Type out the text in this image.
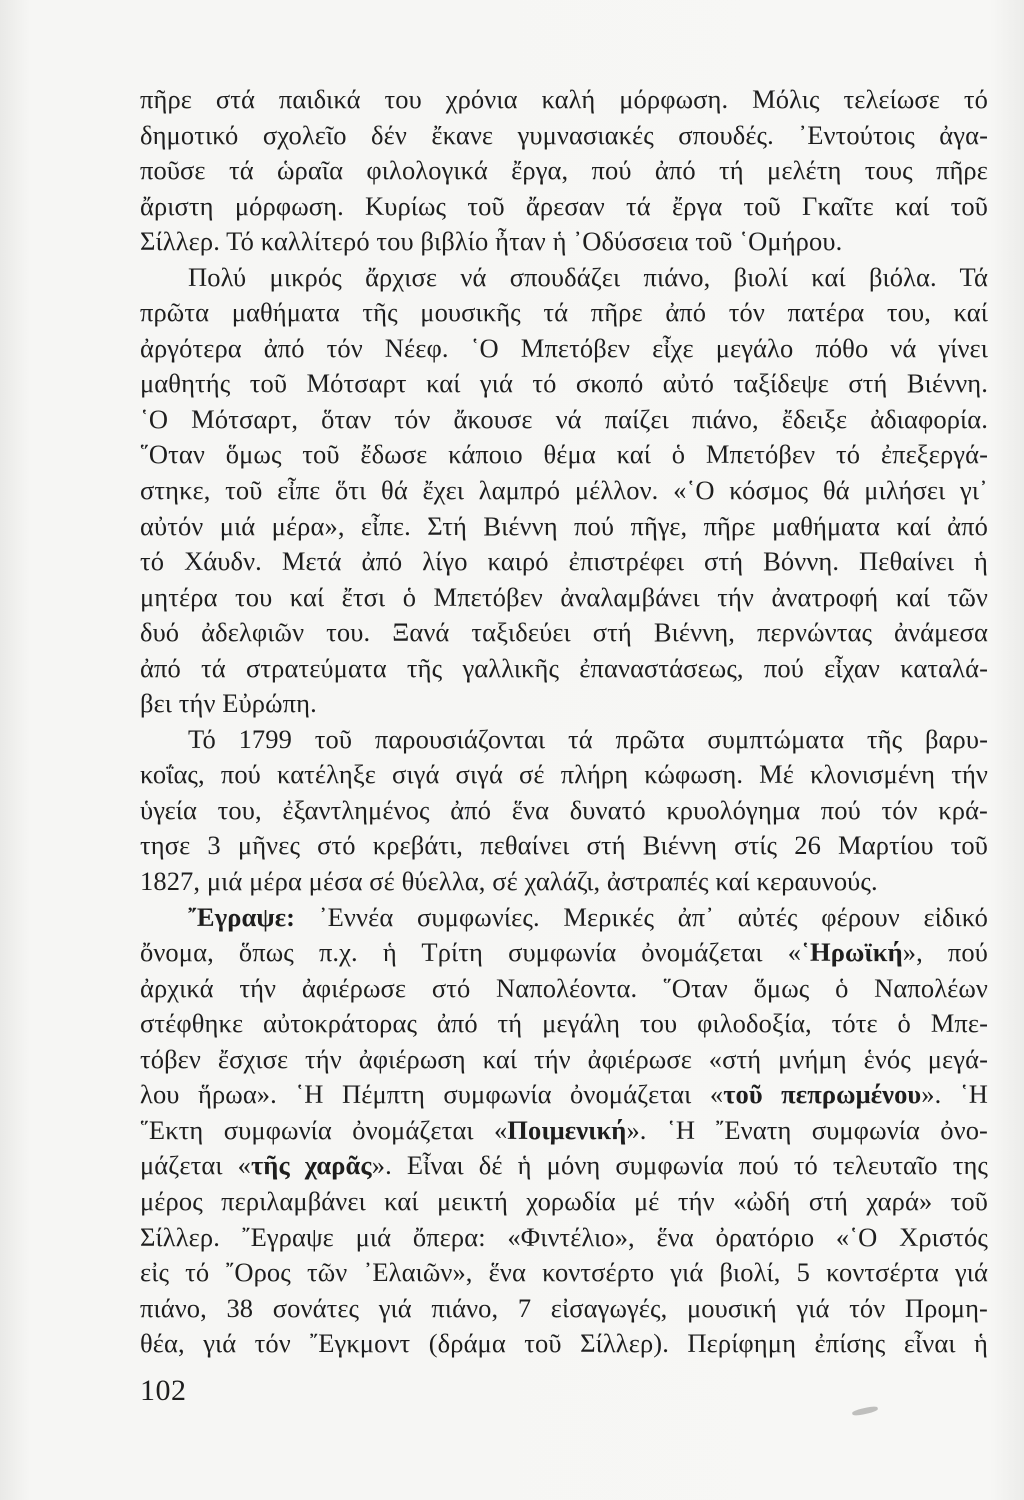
πῆρε στά παιδικά του χρόνια καλή μόρφωση. Μόλις τελείωσε τό
δημοτικό σχολεῖο δέν ἔκανε γυμνασιακές σπουδές. ᾿Εντούτοις ἀγα-
ποῦσε τά ὡραῖα φιλολογικά ἔργα, πού ἀπό τή μελέτη τους πῆρε
ἄριστη μόρφωση. Κυρίως τοῦ ἄρεσαν τά ἔργα τοῦ Γκαῖτε καί τοῦ
Σίλλερ. Τό καλλίτερό του βιβλίο ἦταν ἡ ᾿Οδύσσεια τοῦ ῾Ομήρου.
Πολύ μικρός ἄρχισε νά σπουδάζει πιάνο, βιολί καί βιόλα. Τά
πρῶτα μαθήματα τῆς μουσικῆς τά πῆρε ἀπό τόν πατέρα του, καί
ἀργότερα ἀπό τόν Νέεφ. ῾Ο Μπετόβεν εἶχε μεγάλο πόθο νά γίνει
μαθητής τοῦ Μότσαρτ καί γιά τό σκοπό αὐτό ταξίδεψε στή Βιέννη.
῾Ο Μότσαρτ, ὅταν τόν ἄκουσε νά παίζει πιάνο, ἔδειξε ἀδιαφορία.
῞Οταν ὅμως τοῦ ἔδωσε κάποιο θέμα καί ὁ Μπετόβεν τό ἐπεξεργά-
στηκε, τοῦ εἶπε ὅτι θά ἔχει λαμπρό μέλλον. «῾Ο κόσμος θά μιλήσει γι᾿
αὐτόν μιά μέρα», εἶπε. Στή Βιέννη πού πῆγε, πῆρε μαθήματα καί ἀπό
τό Χάυδν. Μετά ἀπό λίγο καιρό ἐπιστρέφει στή Βόννη. Πεθαίνει ἡ
μητέρα του καί ἔτσι ὁ Μπετόβεν ἀναλαμβάνει τήν ἀνατροφή καί τῶν
δυό ἀδελφιῶν του. Ξανά ταξιδεύει στή Βιέννη, περνώντας ἀνάμεσα
ἀπό τά στρατεύματα τῆς γαλλικῆς ἐπαναστάσεως, πού εἶχαν καταλά-
βει τήν Εὐρώπη.
Τό 1799 τοῦ παρουσιάζονται τά πρῶτα συμπτώματα τῆς βαρυ-
κοΐας, πού κατέληξε σιγά σιγά σέ πλήρη κώφωση. Μέ κλονισμένη τήν
ὑγεία του, ἐξαντλημένος ἀπό ἕνα δυνατό κρυολόγημα πού τόν κρά-
τησε 3 μῆνες στό κρεβάτι, πεθαίνει στή Βιέννη στίς 26 Μαρτίου τοῦ
1827, μιά μέρα μέσα σέ θύελλα, σέ χαλάζι, ἀστραπές καί κεραυνούς.
῎Εγραψε: ᾿Εννέα συμφωνίες. Μερικές ἀπ᾿ αὐτές φέρουν εἰδικό
ὄνομα, ὅπως π.χ. ἡ Τρίτη συμφωνία ὀνομάζεται «῾Ηρωϊκή», πού
ἀρχικά τήν ἀφιέρωσε στό Ναπολέοντα. ῞Οταν ὅμως ὁ Ναπολέων
στέφθηκε αὐτοκράτορας ἀπό τή μεγάλη του φιλοδοξία, τότε ὁ Μπε-
τόβεν ἔσχισε τήν ἀφιέρωση καί τήν ἀφιέρωσε «στή μνήμη ἑνός μεγά-
λου ἥρωα». ῾Η Πέμπτη συμφωνία ὀνομάζεται «τοῦ πεπρωμένου». ῾Η
῞Εκτη συμφωνία ὀνομάζεται «Ποιμενική». ῾Η ῎Ενατη συμφωνία ὀνο-
μάζεται «τῆς χαρᾶς». Εἶναι δέ ἡ μόνη συμφωνία πού τό τελευταῖο της
μέρος περιλαμβάνει καί μεικτή χορωδία μέ τήν «ὠδή στή χαρά» τοῦ
Σίλλερ. ῎Εγραψε μιά ὄπερα: «Φιντέλιο», ἕνα ὀρατόριο «῾Ο Χριστός
εἰς τό ῎Ορος τῶν ᾿Ελαιῶν», ἕνα κοντσέρτο γιά βιολί, 5 κοντσέρτα γιά
πιάνο, 38 σονάτες γιά πιάνο, 7 εἰσαγωγές, μουσική γιά τόν Προμη-
θέα, γιά τόν ῎Εγκμοντ (δράμα τοῦ Σίλλερ). Περίφημη ἐπίσης εἶναι ἡ
102
